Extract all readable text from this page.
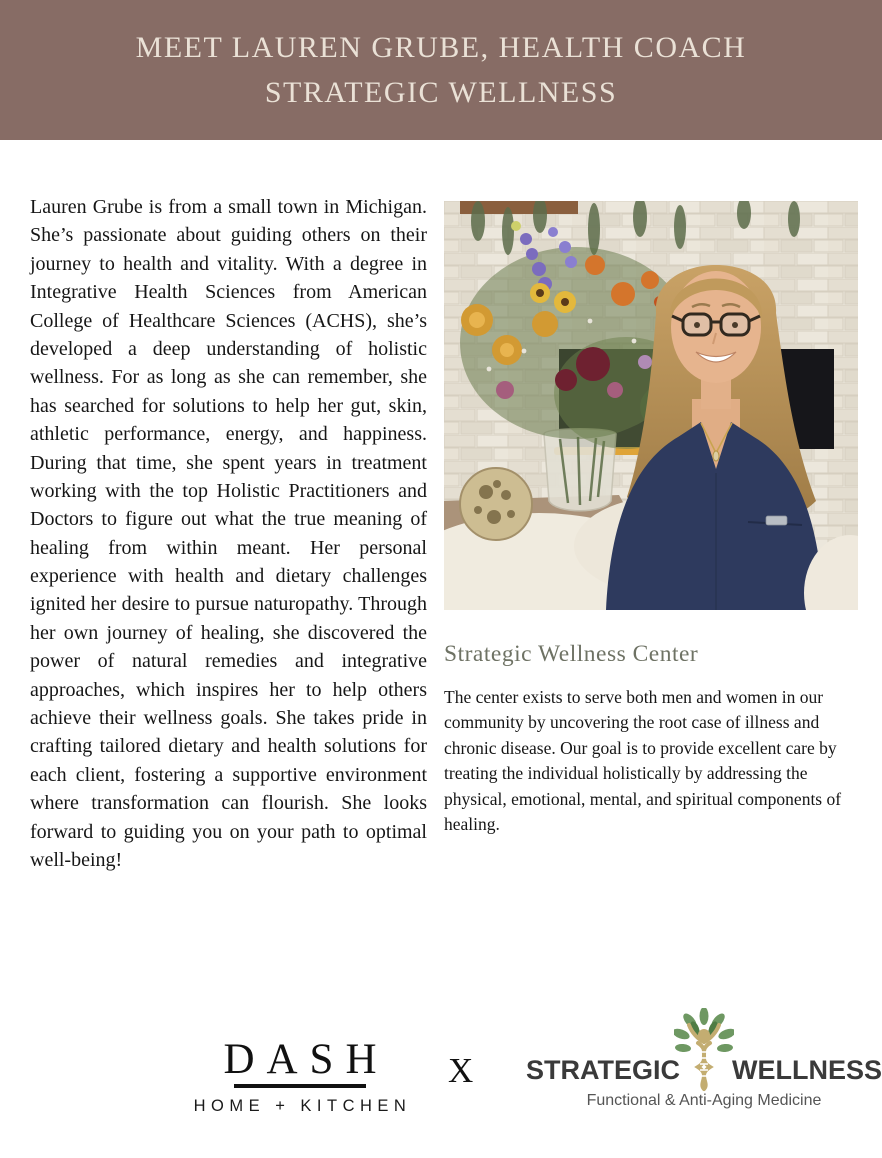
MEET LAUREN GRUBE, HEALTH COACH
STRATEGIC WELLNESS
Lauren Grube is from a small town in Michigan. She’s passionate about guiding others on their journey to health and vitality. With a degree in Integrative Health Sciences from American College of Healthcare Sciences (ACHS), she’s developed a deep understanding of holistic wellness. For as long as she can remember, she has searched for solutions to help her gut, skin, athletic performance, energy, and happiness. During that time, she spent years in treatment working with the top Holistic Practitioners and Doctors to figure out what the true meaning of healing from within meant. Her personal experience with health and dietary challenges ignited her desire to pursue naturopathy. Through her own journey of healing, she discovered the power of natural remedies and integrative approaches, which inspires her to help others achieve their wellness goals. She takes pride in crafting tailored dietary and health solutions for each client, fostering a supportive environment where transformation can flourish. She looks forward to guiding you on your path to optimal well-being!
Strategic Wellness Center
The center exists to serve both men and women in our community by uncovering the root case of illness and chronic disease. Our goal is to provide excellent care by treating the individual holistically by addressing the physical, emotional, mental, and spiritual components of healing.
DASH
HOME + KITCHEN
X STRATEGIC WELLNESS
Functional & Anti-Aging Medicine
